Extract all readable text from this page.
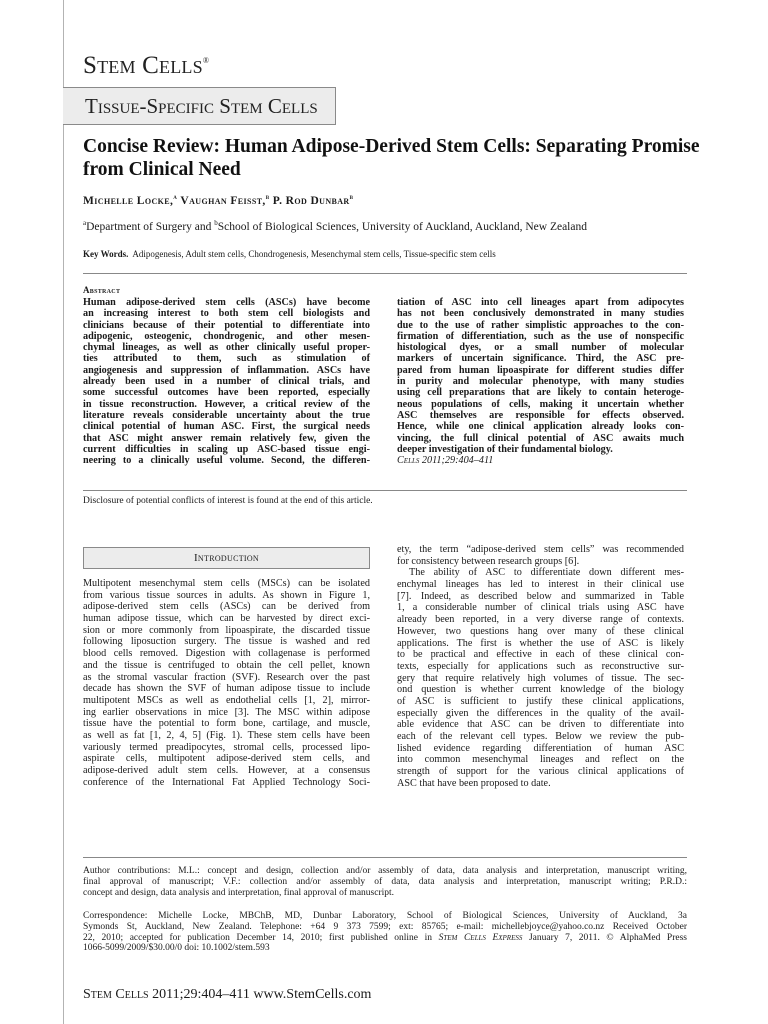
Stem Cells®
Tissue-Specific Stem Cells
Concise Review: Human Adipose-Derived Stem Cells: Separating Promise from Clinical Need
Michelle Locke,$^a$ Vaughan Feisst,$^b$ P. Rod Dunbar$^b$
$^a$Department of Surgery and $^b$School of Biological Sciences, University of Auckland, Auckland, New Zealand
Key Words. Adipogenesis, Adult stem cells, Chondrogenesis, Mesenchymal stem cells, Tissue-specific stem cells
Abstract
Human adipose-derived stem cells (ASCs) have become
an increasing interest to both stem cell biologists and
clinicians because of their potential to differentiate into
adipogenic, osteogenic, chondrogenic, and other mesen-
chymal lineages, as well as other clinically useful proper-
ties attributed to them, such as stimulation of
angiogenesis and suppression of inflammation. ASCs have
already been used in a number of clinical trials, and
some successful outcomes have been reported, especially
in tissue reconstruction. However, a critical review of the
literature reveals considerable uncertainty about the true
clinical potential of human ASC. First, the surgical needs
that ASC might answer remain relatively few, given the
current difficulties in scaling up ASC-based tissue engi-
neering to a clinically useful volume. Second, the differen-
tiation of ASC into cell lineages apart from adipocytes
has not been conclusively demonstrated in many studies
due to the use of rather simplistic approaches to the con-
firmation of differentiation, such as the use of nonspecific
histological dyes, or a small number of molecular
markers of uncertain significance. Third, the ASC pre-
pared from human lipoaspirate for different studies differ
in purity and molecular phenotype, with many studies
using cell preparations that are likely to contain heteroge-
neous populations of cells, making it uncertain whether
ASC themselves are responsible for effects observed.
Hence, while one clinical application already looks con-
vincing, the full clinical potential of ASC awaits much
deeper investigation of their fundamental biology.
Cells 2011;29:404–411
Disclosure of potential conflicts of interest is found at the end of this article.
Introduction
Multipotent mesenchymal stem cells (MSCs) can be isolated
from various tissue sources in adults. As shown in Figure 1,
adipose-derived stem cells (ASCs) can be derived from
human adipose tissue, which can be harvested by direct exci-
sion or more commonly from lipoaspirate, the discarded tissue
following liposuction surgery. The tissue is washed and red
blood cells removed. Digestion with collagenase is performed
and the tissue is centrifuged to obtain the cell pellet, known
as the stromal vascular fraction (SVF). Research over the past
decade has shown the SVF of human adipose tissue to include
multipotent MSCs as well as endothelial cells [1, 2], mirror-
ing earlier observations in mice [3]. The MSC within adipose
tissue have the potential to form bone, cartilage, and muscle,
as well as fat [1, 2, 4, 5] (Fig. 1). These stem cells have been
variously termed preadipocytes, stromal cells, processed lipo-
aspirate cells, multipotent adipose-derived stem cells, and
adipose-derived adult stem cells. However, at a consensus
conference of the International Fat Applied Technology Soci-
ety, the term “adipose-derived stem cells” was recommended
for consistency between research groups [6].
The ability of ASC to differentiate down different mes-
enchymal lineages has led to interest in their clinical use
[7]. Indeed, as described below and summarized in Table
1, a considerable number of clinical trials using ASC have
already been reported, in a very diverse range of contexts.
However, two questions hang over many of these clinical
applications. The first is whether the use of ASC is likely
to be practical and effective in each of these clinical con-
texts, especially for applications such as reconstructive sur-
gery that require relatively high volumes of tissue. The sec-
ond question is whether current knowledge of the biology
of ASC is sufficient to justify these clinical applications,
especially given the differences in the quality of the avail-
able evidence that ASC can be driven to differentiate into
each of the relevant cell types. Below we review the pub-
lished evidence regarding differentiation of human ASC
into common mesenchymal lineages and reflect on the
strength of support for the various clinical applications of
ASC that have been proposed to date.
Author contributions: M.L.: concept and design, collection and/or assembly of data, data analysis and interpretation, manuscript writing,
final approval of manuscript; V.F.: collection and/or assembly of data, data analysis and interpretation, manuscript writing; P.R.D.:
concept and design, data analysis and interpretation, final approval of manuscript.
Correspondence: Michelle Locke, MBChB, MD, Dunbar Laboratory, School of Biological Sciences, University of Auckland, 3a
Symonds St, Auckland, New Zealand. Telephone: +64 9 373 7599; ext: 85765; e-mail: michellebjoyce@yahoo.co.nz Received October
22, 2010; accepted for publication December 14, 2010; first published online in Stem Cells Express January 7, 2011. © AlphaMed Press
1066-5099/2009/$30.00/0 doi: 10.1002/stem.593
Stem Cells 2011;29:404–411 www.StemCells.com
